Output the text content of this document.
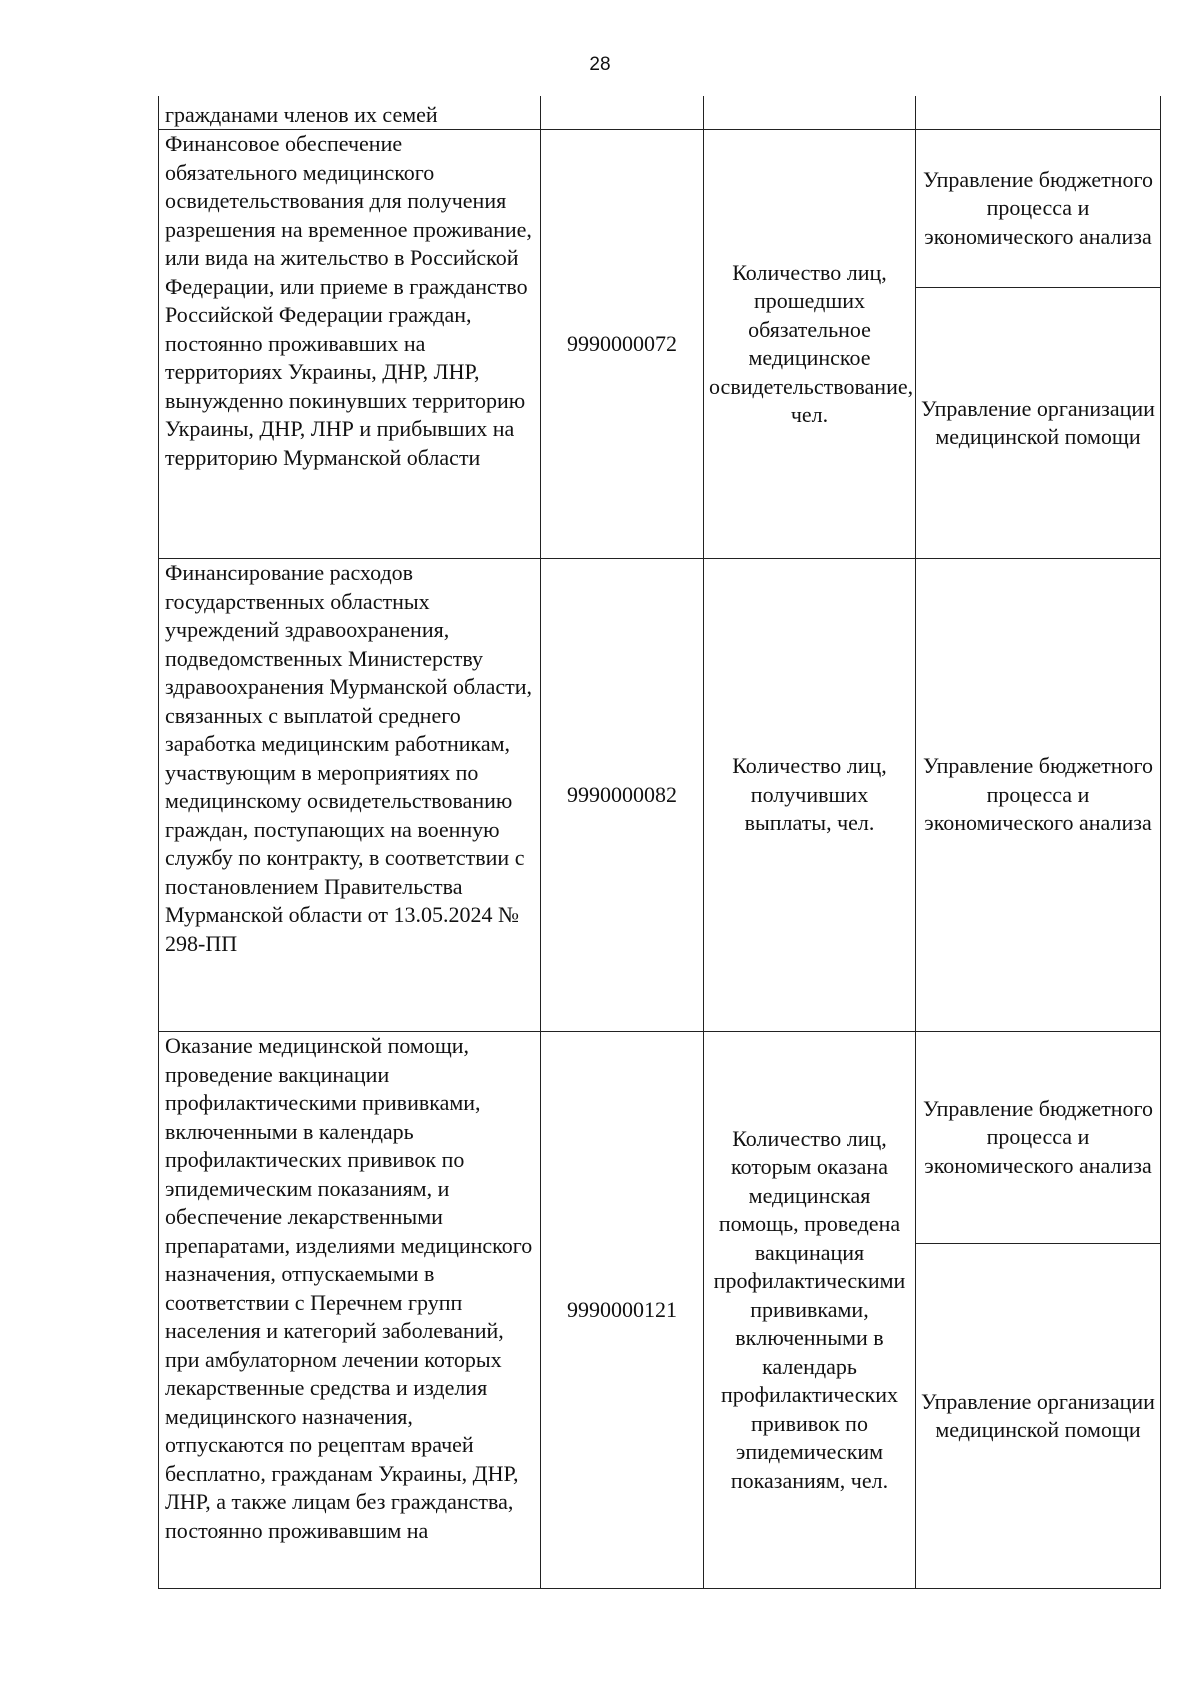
28
гражданами членов их семей			
Финансовое обеспечение обязательного медицинского освидетельствования для получения разрешения на временное проживание, или вида на жительство в Российской Федерации, или приеме в гражданство Российской Федерации граждан, постоянно проживавших на территориях Украины, ДНР, ЛНР, вынужденно покинувших территорию Украины, ДНР, ЛНР и прибывших на территорию Мурманской области	9990000072	Количество лиц, прошедших обязательное медицинское освидетельствование, чел.	Управление бюджетного процесса и экономического анализа
			Управление организации медицинской помощи
Финансирование расходов государственных областных учреждений здравоохранения, подведомственных Министерству здравоохранения Мурманской области, связанных с выплатой среднего заработка медицинским работникам, участвующим в мероприятиях по медицинскому освидетельствованию граждан, поступающих на военную службу по контракту, в соответствии с постановлением Правительства Мурманской области от 13.05.2024 № 298-ПП	9990000082	Количество лиц, получивших выплаты, чел.	Управление бюджетного процесса и экономического анализа
Оказание медицинской помощи, проведение вакцинации профилактическими прививками, включенными в календарь профилактических прививок по эпидемическим показаниям, и обеспечение лекарственными препаратами, изделиями медицинского назначения, отпускаемыми в соответствии с Перечнем групп населения и категорий заболеваний, при амбулаторном лечении которых лекарственные средства и изделия медицинского назначения, отпускаются по рецептам врачей бесплатно, гражданам Украины, ДНР, ЛНР, а также лицам без гражданства, постоянно проживавшим на	9990000121	Количество лиц, которым оказана медицинская помощь, проведена вакцинация профилактическими прививками, включенными в календарь профилактических прививок по эпидемическим показаниям, чел.	Управление бюджетного процесса и экономического анализа
			Управление организации медицинской помощи
